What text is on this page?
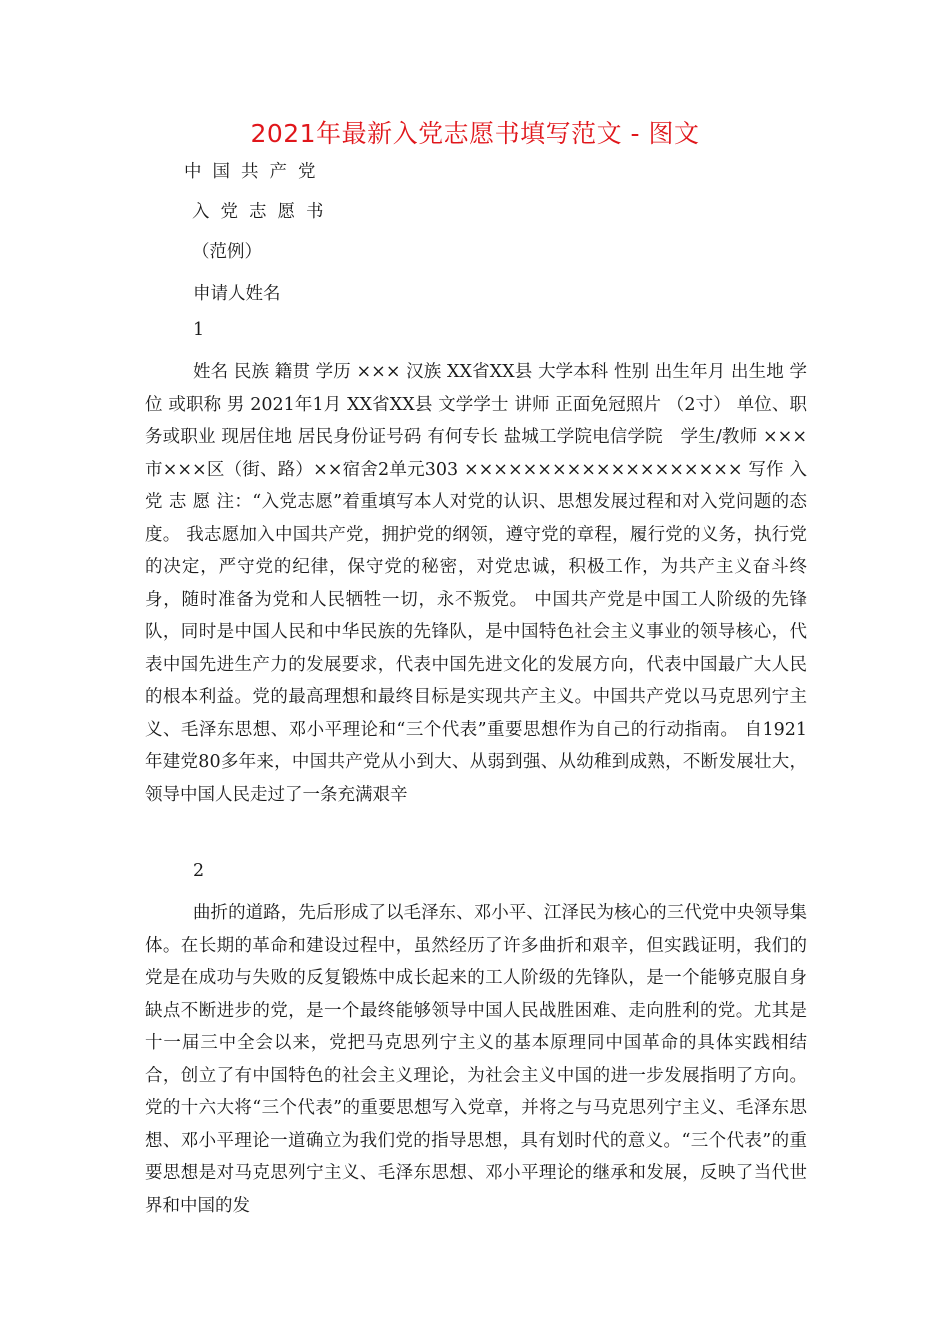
2021年最新入党志愿书填写范文 - 图文

中国共产党

入党志愿书

（范例）

申请人姓名

1

姓名 民族 籍贯 学历 ××× 汉族 XX省XX县 大学本科 性别 出生年月 出生地 学位 或职称 男 2021年1月 XX省XX县 文学学士 讲师 正面免冠照片 （2寸） 单位、职务或职业 现居住地 居民身份证号码 有何专长 盐城工学院电信学院　学生/教师 ×××市×××区（街、路）××宿舍2单元303 ××××××××××××××××××× 写作 入 党 志 愿 注：“入党志愿”着重填写本人对党的认识、思想发展过程和对入党问题的态度。 我志愿加入中国共产党，拥护党的纲领，遵守党的章程，履行党的义务，执行党的决定，严守党的纪律，保守党的秘密，对党忠诚，积极工作，为共产主义奋斗终身，随时准备为党和人民牺牲一切，永不叛党。 中国共产党是中国工人阶级的先锋队，同时是中国人民和中华民族的先锋队，是中国特色社会主义事业的领导核心，代表中国先进生产力的发展要求，代表中国先进文化的发展方向，代表中国最广大人民的根本利益。党的最高理想和最终目标是实现共产主义。中国共产党以马克思列宁主义、毛泽东思想、邓小平理论和“三个代表”重要思想作为自己的行动指南。 自1921年建党80多年来，中国共产党从小到大、从弱到强、从幼稚到成熟，不断发展壮大，领导中国人民走过了一条充满艰辛

2

曲折的道路，先后形成了以毛泽东、邓小平、江泽民为核心的三代党中央领导集体。在长期的革命和建设过程中，虽然经历了许多曲折和艰辛，但实践证明，我们的党是在成功与失败的反复锻炼中成长起来的工人阶级的先锋队，是一个能够克服自身缺点不断进步的党，是一个最终能够领导中国人民战胜困难、走向胜利的党。尤其是十一届三中全会以来，党把马克思列宁主义的基本原理同中国革命的具体实践相结合，创立了有中国特色的社会主义理论，为社会主义中国的进一步发展指明了方向。党的十六大将“三个代表”的重要思想写入党章，并将之与马克思列宁主义、毛泽东思想、邓小平理论一道确立为我们党的指导思想，具有划时代的意义。“三个代表”的重要思想是对马克思列宁主义、毛泽东思想、邓小平理论的继承和发展，反映了当代世界和中国的发
